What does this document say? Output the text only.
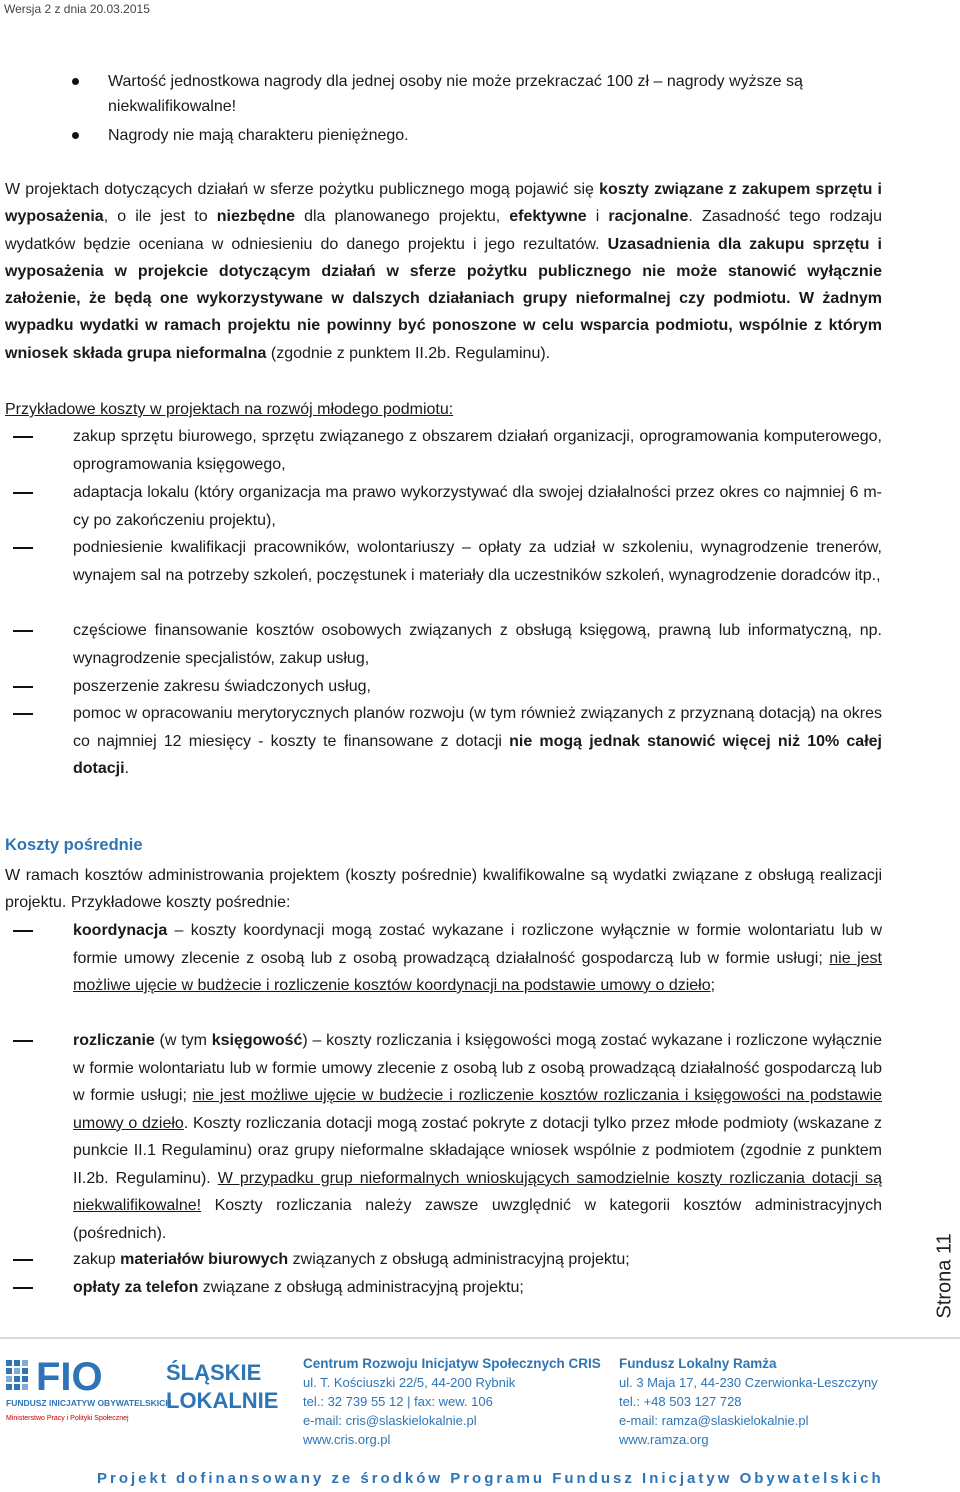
Wersja 2 z dnia 20.03.2015
Wartość jednostkowa nagrody dla jednej osoby nie może przekraczać 100 zł – nagrody wyższe są
niekwalifikowalne!
Nagrody nie mają charakteru pieniężnego.
W projektach dotyczących działań w sferze pożytku publicznego mogą pojawić się koszty związane z zakupem sprzętu i wyposażenia, o ile jest to niezbędne dla planowanego projektu, efektywne i racjonalne. Zasadność tego rodzaju wydatków będzie oceniana w odniesieniu do danego projektu i jego rezultatów. Uzasadnienia dla zakupu sprzętu i wyposażenia w projekcie dotyczącym działań w sferze pożytku publicznego nie może stanowić wyłącznie założenie, że będą one wykorzystywane w dalszych działaniach grupy nieformalnej czy podmiotu. W żadnym wypadku wydatki w ramach projektu nie powinny być ponoszone w celu wsparcia podmiotu, wspólnie z którym wniosek składa grupa nieformalna (zgodnie z punktem II.2b. Regulaminu).
Przykładowe koszty w projektach na rozwój młodego podmiotu:
zakup sprzętu biurowego, sprzętu związanego z obszarem działań organizacji, oprogramowania komputerowego, oprogramowania księgowego,
adaptacja lokalu (który organizacja ma prawo wykorzystywać dla swojej działalności przez okres co najmniej 6 m-cy po zakończeniu projektu),
podniesienie kwalifikacji pracowników, wolontariuszy – opłaty za udział w szkoleniu, wynagrodzenie trenerów, wynajem sal na potrzeby szkoleń, poczęstunek i materiały dla uczestników szkoleń, wynagrodzenie doradców itp.,
częściowe finansowanie kosztów osobowych związanych z obsługą księgową, prawną lub informatyczną, np. wynagrodzenie specjalistów, zakup usług,
poszerzenie zakresu świadczonych usług,
pomoc w opracowaniu merytorycznych planów rozwoju (w tym również związanych z przyznaną dotacją) na okres co najmniej 12 miesięcy - koszty te finansowane z dotacji nie mogą jednak stanowić więcej niż 10% całej dotacji.
Koszty pośrednie
W ramach kosztów administrowania projektem (koszty pośrednie) kwalifikowalne są wydatki związane z obsługą realizacji projektu. Przykładowe koszty pośrednie:
koordynacja – koszty koordynacji mogą zostać wykazane i rozliczone wyłącznie w formie wolontariatu lub w formie umowy zlecenie z osobą lub z osobą prowadzącą działalność gospodarczą lub w formie usługi; nie jest możliwe ujęcie w budżecie i rozliczenie kosztów koordynacji na podstawie umowy o dzieło;
rozliczanie (w tym księgowość) – koszty rozliczania i księgowości mogą zostać wykazane i rozliczone wyłącznie w formie wolontariatu lub w formie umowy zlecenie z osobą lub z osobą prowadzącą działalność gospodarczą lub w formie usługi; nie jest możliwe ujęcie w budżecie i rozliczenie kosztów rozliczania i księgowości na podstawie umowy o dzieło. Koszty rozliczania dotacji mogą zostać pokryte z dotacji tylko przez młode podmioty (wskazane z punkcie II.1 Regulaminu) oraz grupy nieformalne składające wniosek wspólnie z podmiotem (zgodnie z punktem II.2b. Regulaminu). W przypadku grup nieformalnych wnioskujących samodzielnie koszty rozliczania dotacji są niekwalifikowalne! Koszty rozliczania należy zawsze uwzględnić w kategorii kosztów administracyjnych (pośrednich).
zakup materiałów biurowych związanych z obsługą administracyjną projektu;
opłaty za telefon związane z obsługą administracyjną projektu;	Strona 11
FIO
FUNDUSZ INICJATYW OBYWATELSKICH
Ministerstwo Pracy i Polityki Społecznej
ŚLĄSKIE
LOKALNIE
Centrum Rozwoju Inicjatyw Społecznych CRIS
ul. T. Kościuszki 22/5, 44-200 Rybnik
tel.: 32 739 55 12 | fax: wew. 106
e-mail: cris@slaskielokalnie.pl
www.cris.org.pl
Fundusz Lokalny Ramża
ul. 3 Maja 17, 44-230 Czerwionka-Leszczyny
tel.: +48 503 127 728
e-mail: ramza@slaskielokalnie.pl
www.ramza.org
Projekt dofinansowany ze środków Programu Fundusz Inicjatyw Obywatelskich
